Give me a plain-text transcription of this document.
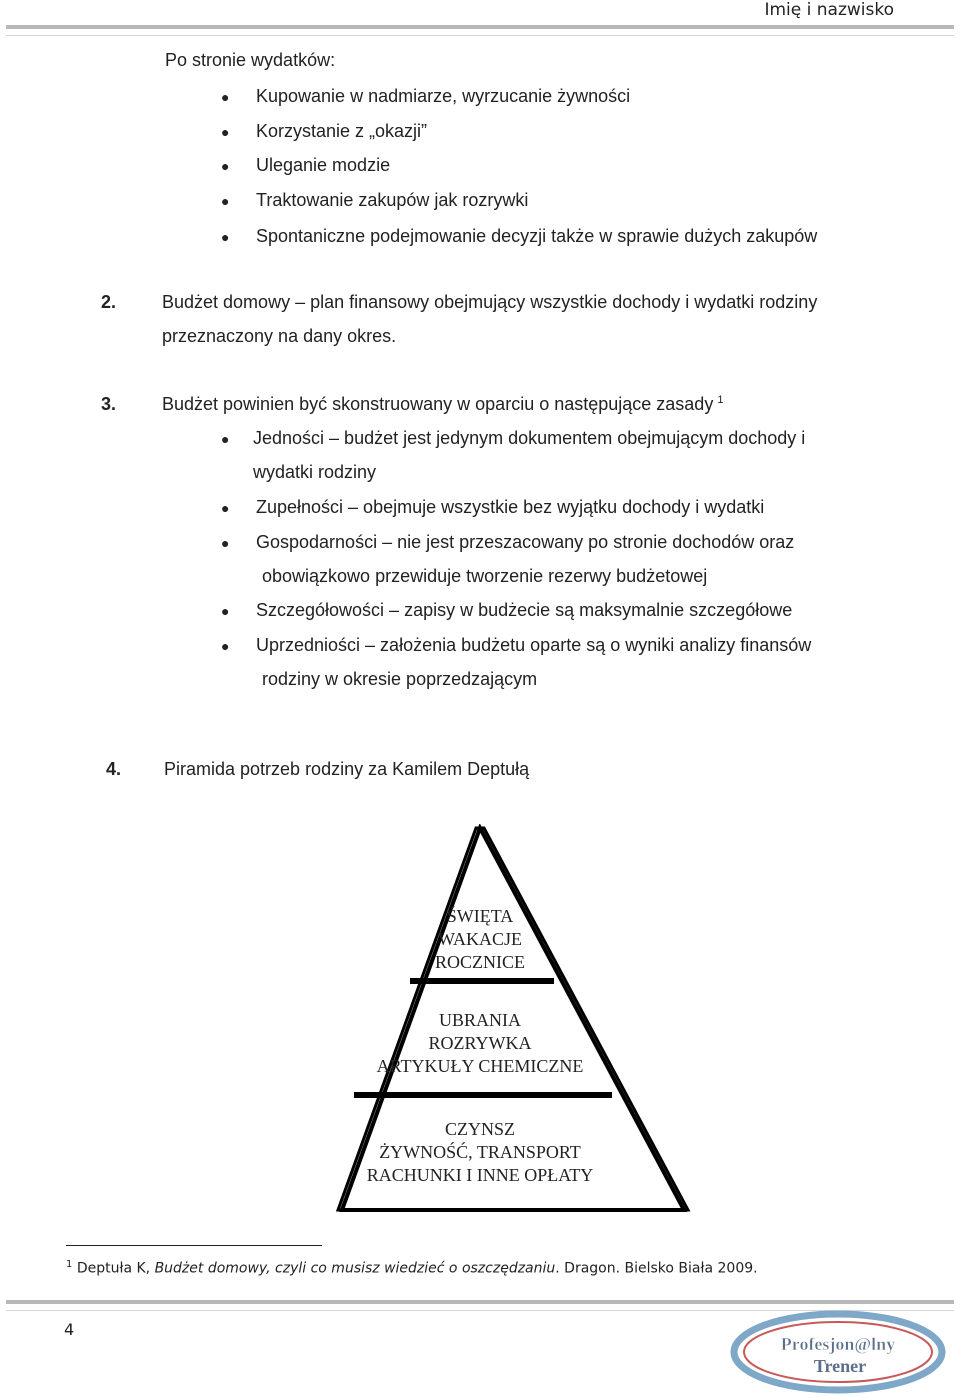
Imię i nazwisko
Po stronie wydatków:
● Kupowanie w nadmiarze, wyrzucanie żywności
● Korzystanie z „okazji”
● Uleganie modzie
● Traktowanie zakupów jak rozrywki
● Spontaniczne podejmowanie decyzji także w sprawie dużych zakupów
2.	Budżet domowy – plan finansowy obejmujący wszystkie dochody i wydatki rodziny
przeznaczony na dany okres.
3.	Budżet powinien być skonstruowany w oparciu o następujące zasady $^1$
● Jedności – budżet jest jedynym dokumentem obejmującym dochody i
wydatki rodziny
● Zupełności – obejmuje wszystkie bez wyjątku dochody i wydatki
● Gospodarności – nie jest przeszacowany po stronie dochodów oraz
obowiązkowo przewiduje tworzenie rezerwy budżetowej
● Szczegółowości – zapisy w budżecie są maksymalnie szczegółowe
● Uprzedniości – założenia budżetu oparte są o wyniki analizy finansów
rodziny w okresie poprzedzającym
4. Piramida potrzeb rodziny za Kamilem Deptułą
ŚWIĘTA
WAKACJE
ROCZNICE
UBRANIA
ROZRYWKA
ARTYKUŁY CHEMICZNE
CZYNSZ
ŻYWNOŚĆ, TRANSPORT
RACHUNKI I INNE OPŁATY
$^1$ Deptuła K, Budżet domowy, czyli co musisz wiedzieć o oszczędzaniu. Dragon. Bielsko Biała 2009.
4
Profesjon@lny
Trener
